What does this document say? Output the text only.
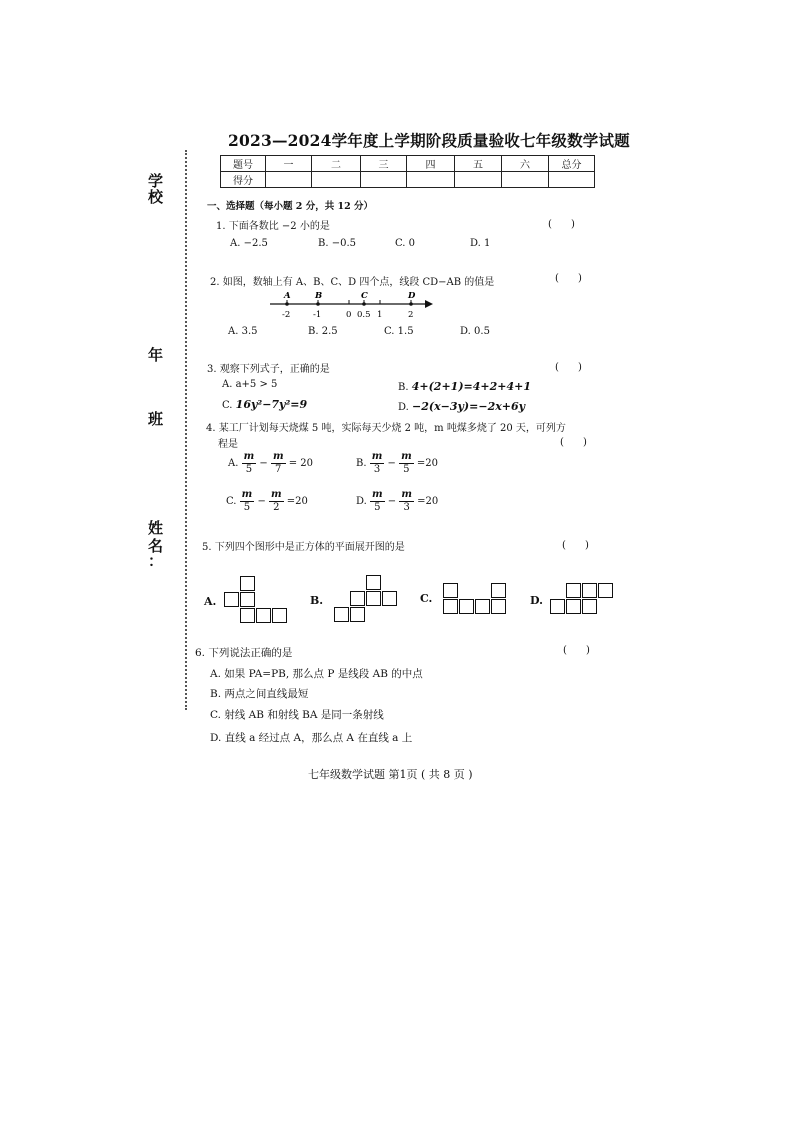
学
校
年
班
姓
名
：
2023—2024学年度上学期阶段质量验收七年级数学试题
题号	一	二	三	四	五	六	总分
得分							
一、选择题（每小题 2 分，共 12 分）
1. 下面各数比 −2 小的是	(      )
A. −2.5	B. −0.5	C. 0	D. 1
2. 如图，数轴上有 A、B、C、D 四个点，线段 CD−AB 的值是	(      )
A	B	C	D
-2	-1	0 0.5 1	2
A. 3.5	B. 2.5	C. 1.5	D. 0.5
3. 观察下列式子，正确的是	(      )
A. a+5 > 5	B. 4+(2+1)=4+2+4+1
C. 16y²−7y²=9	D. −2(x−3y)=−2x+6y
4. 某工厂计划每天烧煤 5 吨，实际每天少烧 2 吨，m 吨煤多烧了 20 天，可列方
程是	(      )
A. $\frac{m}{5} - \frac{m}{7} = 20$	B. $\frac{m}{3} - \frac{m}{5} =20$
C. $\frac{m}{5} - \frac{m}{2} =20$	D. $\frac{m}{5} - \frac{m}{3} =20$
5. 下列四个图形中是正方体的平面展开图的是	(      )
A.	B.	C.	D.
6. 下列说法正确的是	(      )
A. 如果 PA=PB, 那么点 P 是线段 AB 的中点
B. 两点之间直线最短
C. 射线 AB 和射线 BA 是同一条射线
D. 直线 a 经过点 A，那么点 A 在直线 a 上
七年级数学试题 第1页 ( 共 8 页 )
